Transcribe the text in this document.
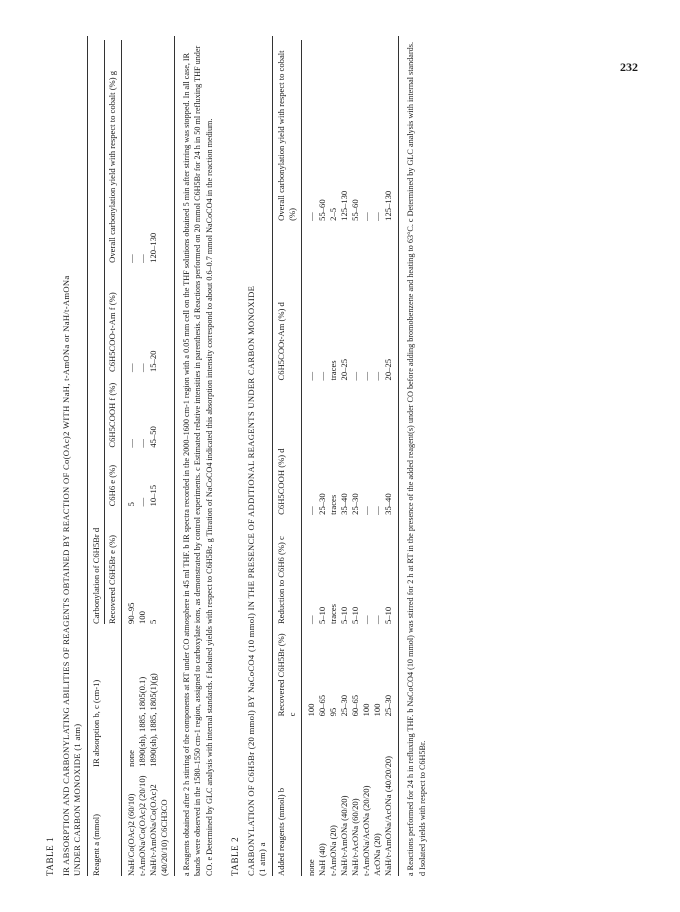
232
TABLE 1 IR ABSORPTION AND CARBONYLATING ABILITIES OF REAGENTS OBTAINED BY REACTION OF Co(OAc)2 WITH NaH, t-AmONa or NaH/t-AmONa UNDER CARBON MONOXIDE (1 atm) Reagent a (mmol)	IR absorption b, c (cm-1)	Carbonylation of C6H5Br d				

		Recovered C6H5Br e (%)	C6H6 e (%)	C6H5COOH f (%)	C6H5COO-t-Am f (%)	Overall carbonylation yield with respect to cobalt (%) g

NaH/Co(OAc)2 (60/10)	none	90–95	5	—	—	—
t-AmONa/Co(OAc)2 (20/10)	1890(sh), 1885, 1805(0.1)	100	—	—	—	—
NaH/t-AmONa/Co(OAc)2 (40/20/10) C6CH3CO	1890(sh), 1885, 1805(1)(g)	5	10–15	45–50	15–20	120–130	a Reagents obtained after 2 h stirring of the components at RT under CO atmosphere in 45 ml THF. b IR spectra recorded in the 2000–1600 cm-1 region with a 0.05 mm cell on the THF solutions obtained 5 min after stirring was stopped. In all case, IR bands were observed in the 1580–1550 cm-1 region, assigned to carboxylate ions, as demonstrated by control experiments. c Estimated relative intensities in parenthesis. d Reactions performed on 20 mmol C6H5Br for 24 h in 50 ml refluxing THF under CO. e Determined by GLC analysis with internal standards. f Isolated yields with respect to C6H5Br. g Titration of NaCoCO4 indicated this absorption intensity correspond to about 0.6–0.7 mmol NaCoCO4 in the reaction medium. TABLE 2 CARBONYLATION OF C6H5Br (20 mmol) BY NaCoCO4 (10 mmol) IN THE PRESENCE OF ADDITIONAL REAGENTS UNDER CARBON MONOXIDE (1 atm) a Added reagents (mmol) b	Recovered C6H5Br (%) c	Reduction to C6H6 (%) c	C6H5COOH (%) d	C6H5COOt-Am (%) d	Overall carbonylation yield with respect to cobalt (%)

none	100	—	—	—	—
NaH (40)	60–65	5–10	25–30	—	55–60
t-AmONa (20)	95	traces	traces	traces	2–5
NaH/t-AmONa (40/20)	25–30	5–10	35–40	20–25	125–130
NaH/t-AcONa (60/20)	60–65	5–10	25–30	—	55–60
t-AmONa/AcONa (20/20)	100	—	—	—	—
AcONa (20)	100	—	—	—	—
NaH/t-AmONa/AcONa (40/20/20)	25–30	5–10	35–40	20–25	125–130 a Reactions performed for 24 h in refluxing THF. b NaCoCO4 (10 mmol) was stirred for 2 h at RT in the presence of the added reagent(s) under CO before adding bromobenzene and heating to 63°C. c Determined by GLC analysis with internal standards. d Isolated yields with respect to C6H5Br.
